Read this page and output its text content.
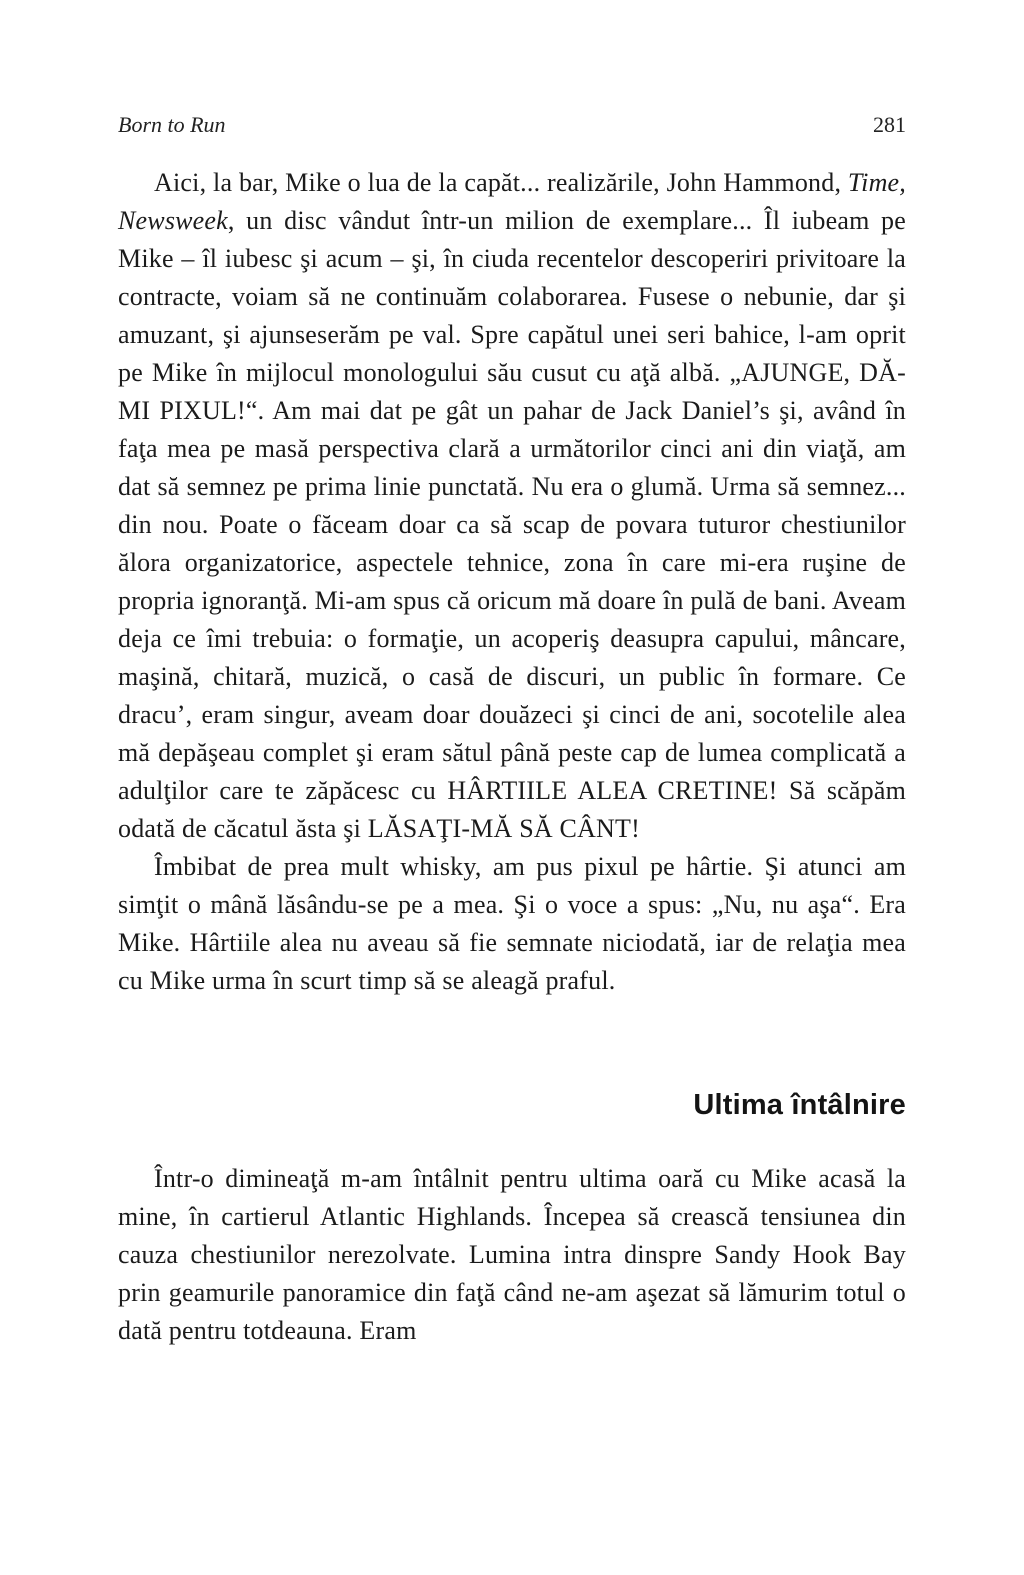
Born to Run	281

Aici, la bar, Mike o lua de la capăt... realizările, John Hammond, Time, Newsweek, un disc vândut într-un milion de exemplare... Îl iubeam pe Mike – îl iubesc şi acum – şi, în ciuda recentelor descoperiri privitoare la contracte, voiam să ne continuăm colaborarea. Fusese o nebunie, dar şi amuzant, şi ajunseserăm pe val. Spre capătul unei seri bahice, l-am oprit pe Mike în mijlocul monologului său cusut cu aţă albă. „AJUNGE, DĂ-MI PIXUL!“. Am mai dat pe gât un pahar de Jack Daniel’s şi, având în faţa mea pe masă perspectiva clară a următorilor cinci ani din viaţă, am dat să semnez pe prima linie punctată. Nu era o glumă. Urma să semnez... din nou. Poate o făceam doar ca să scap de povara tuturor chestiunilor ălora organizatorice, aspectele tehnice, zona în care mi-era ruşine de propria ignoranţă. Mi-am spus că oricum mă doare în pulă de bani. Aveam deja ce îmi trebuia: o formaţie, un acoperiş deasupra capului, mâncare, maşină, chitară, muzică, o casă de discuri, un public în formare. Ce dracu’, eram singur, aveam doar douăzeci şi cinci de ani, socotelile alea mă depăşeau complet şi eram sătul până peste cap de lumea complicată a adulţilor care te zăpăcesc cu HÂRTIILE ALEA CRETINE! Să scăpăm odată de căcatul ăsta şi LĂSAŢI-MĂ SĂ CÂNT!

Îmbibat de prea mult whisky, am pus pixul pe hârtie. Şi atunci am simţit o mână lăsându-se pe a mea. Şi o voce a spus: „Nu, nu aşa“. Era Mike. Hârtiile alea nu aveau să fie semnate niciodată, iar de relaţia mea cu Mike urma în scurt timp să se aleagă praful.

Ultima întâlnire

Într-o dimineaţă m-am întâlnit pentru ultima oară cu Mike acasă la mine, în cartierul Atlantic Highlands. Începea să crească tensiunea din cauza chestiunilor nerezolvate. Lumina intra dinspre Sandy Hook Bay prin geamurile panoramice din faţă când ne-am aşezat să lămurim totul o dată pentru totdeauna. Eram
